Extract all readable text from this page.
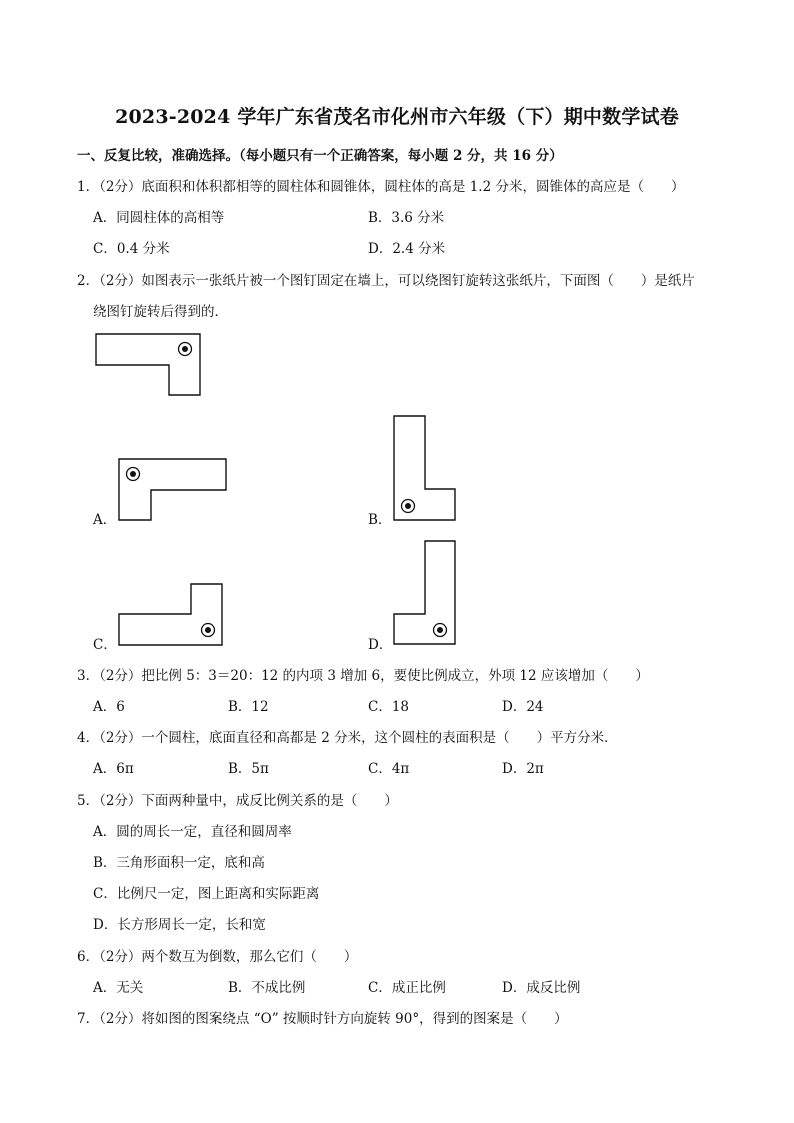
2023-2024 学年广东省茂名市化州市六年级（下）期中数学试卷
一、反复比较，准确选择。（每小题只有一个正确答案，每小题 2 分，共 16 分）
1．（2分）底面积和体积都相等的圆柱体和圆锥体，圆柱体的高是 1.2 分米，圆锥体的高应是（　　）
A．同圆柱体的高相等	B．3.6 分米
C．0.4 分米	D．2.4 分米
2．（2分）如图表示一张纸片被一个图钉固定在墙上，可以绕图钉旋转这张纸片，下面图（　　）是纸片
绕图钉旋转后得到的．
A．	B．
C．	D．
3．（2分）把比例 5：3＝20：12 的内项 3 增加 6，要使比例成立，外项 12 应该增加（　　）
A．6	B．12	C．18	D．24
4．（2分）一个圆柱，底面直径和高都是 2 分米，这个圆柱的表面积是（　　）平方分米．
A．6π	B．5π	C．4π	D．2π
5．（2分）下面两种量中，成反比例关系的是（　　）
A．圆的周长一定，直径和圆周率
B．三角形面积一定，底和高
C．比例尺一定，图上距离和实际距离
D．长方形周长一定，长和宽
6．（2分）两个数互为倒数，那么它们（　　）
A．无关	B．不成比例	C．成正比例	D．成反比例
7．（2分）将如图的图案绕点 “O” 按顺时针方向旋转 90°，得到的图案是（　　）
